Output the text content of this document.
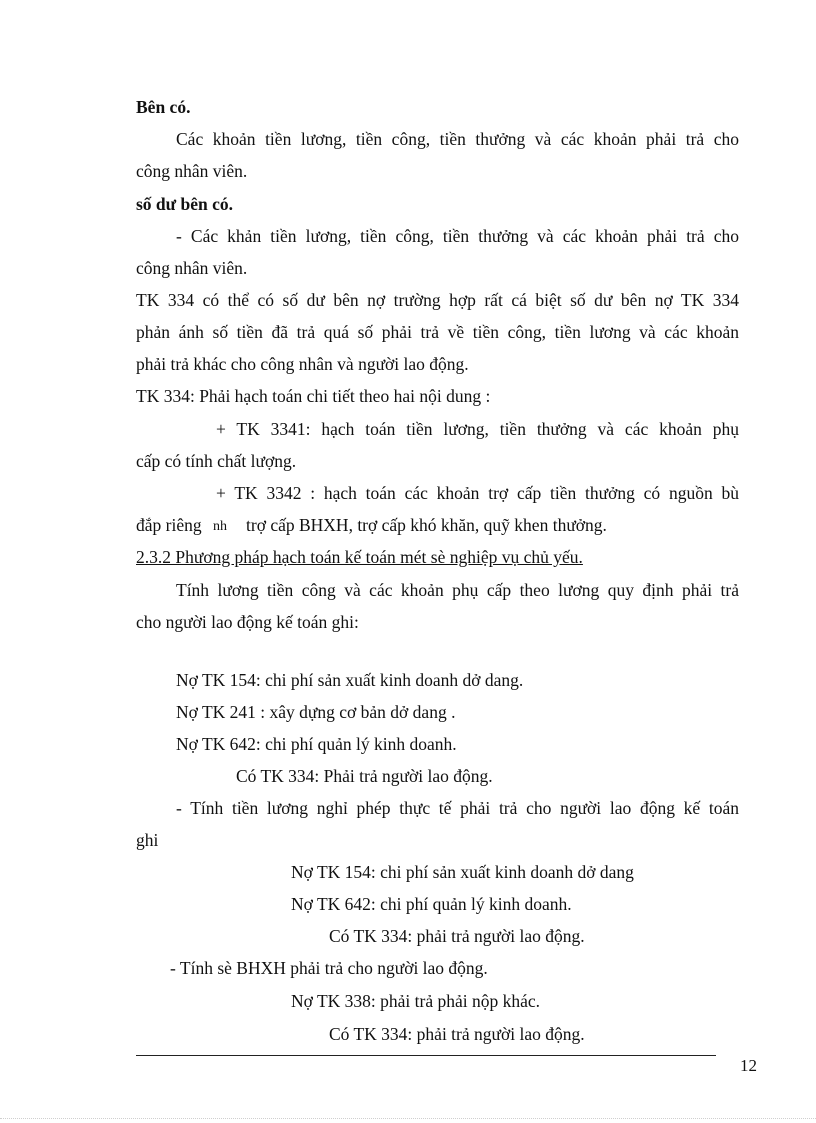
Bên có.
Các khoản tiền lương, tiền công, tiền thưởng và các khoản phải trả cho
công nhân viên.
số dư bên có.
- Các khản tiền lương, tiền công, tiền thưởng và các khoản phải trả cho
công nhân viên.
TK 334 có thể có số dư bên nợ trường hợp rất cá biệt số dư bên nợ TK 334
phản ánh số tiền đã trả quá số phải trả về tiền công, tiền lương và các khoản
phải trả khác cho công nhân và người lao động.
TK 334: Phải hạch toán chi tiết theo hai nội dung :
+ TK 3341: hạch toán tiền lương, tiền thưởng và các khoản phụ
cấp có tính chất lượng.
+ TK 3342 : hạch toán các khoản trợ cấp tiền thưởng có nguồn bù
đắp riêng nh trợ cấp BHXH, trợ cấp khó khăn, quỹ khen thưởng.
2.3.2 Phương pháp hạch toán kế toán mét sè nghiệp vụ chủ yếu.
Tính lương tiền công và các khoản phụ cấp theo lương quy định phải trả
cho người lao động kế toán ghi:
Nợ TK 154: chi phí sản xuất kinh doanh dở dang.
Nợ TK 241 : xây dựng cơ bản dở dang .
Nợ TK 642: chi phí quản lý kinh doanh.
Có TK 334: Phải trả người lao động.
- Tính tiền lương nghỉ phép thực tế phải trả cho người lao động kế toán
ghi
Nợ TK 154: chi phí sản xuất kinh doanh dở dang
Nợ TK 642: chi phí quản lý kinh doanh.
Có TK 334: phải trả người lao động.
- Tính sè BHXH phải trả cho người lao động.
Nợ TK 338: phải trả phải nộp khác.
Có TK 334: phải trả người lao động.
12
